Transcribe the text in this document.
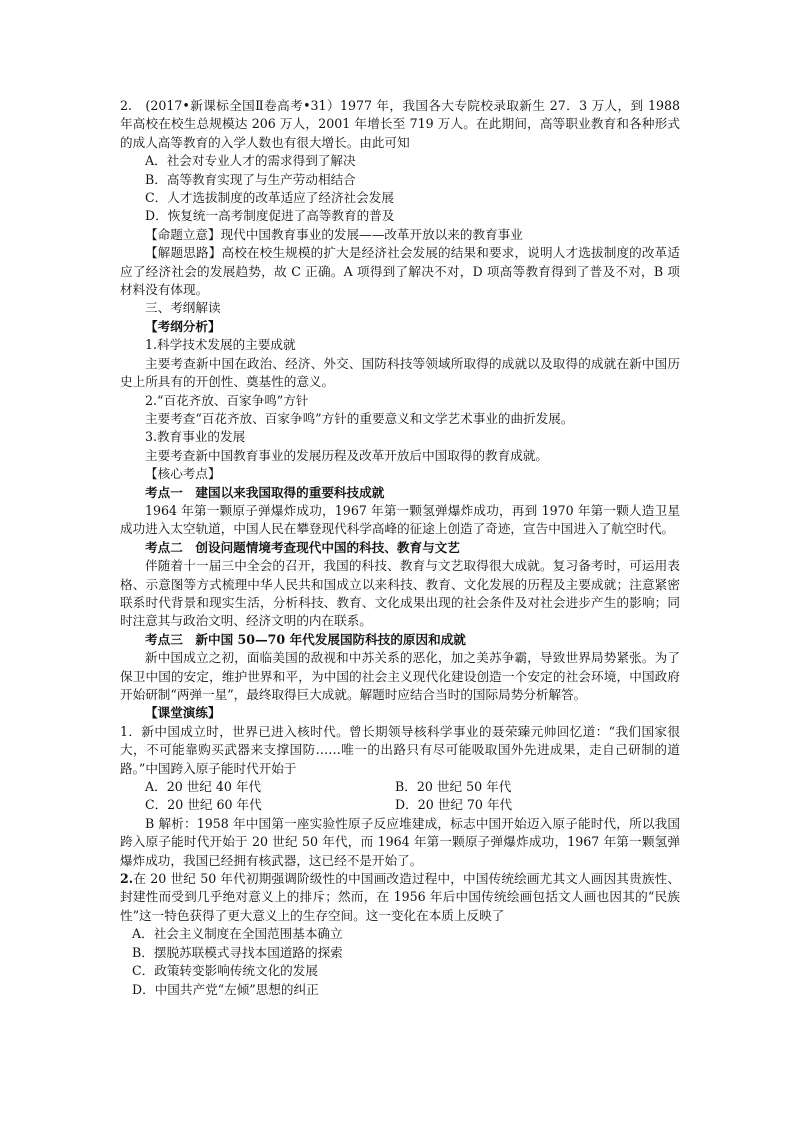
2.　(2017•新课标全国Ⅱ卷高考•31）1977 年，我国各大专院校录取新生 27．3 万人，到 1988 年高校在校生总规模达 206 万人，2001 年增长至 719 万人。在此期间，高等职业教育和各种形式的成人高等教育的入学人数也有很大增长。由此可知

A．社会对专业人才的需求得到了解决

B．高等教育实现了与生产劳动相结合

C．人才选拔制度的改革适应了经济社会发展

D．恢复统一高考制度促进了高等教育的普及

【命题立意】现代中国教育事业的发展——改革开放以来的教育事业

【解题思路】高校在校生规模的扩大是经济社会发展的结果和要求，说明人才选拔制度的改革适应了经济社会的发展趋势，故 C 正确。A 项得到了解决不对，D 项高等教育得到了普及不对，B 项材料没有体现。

三、考纲解读

【考纲分析】

1.科学技术发展的主要成就

主要考查新中国在政治、经济、外交、国防科技等领域所取得的成就以及取得的成就在新中国历史上所具有的开创性、奠基性的意义。

2.“百花齐放、百家争鸣”方针

主要考查“百花齐放、百家争鸣”方针的重要意义和文学艺术事业的曲折发展。

3.教育事业的发展

主要考查新中国教育事业的发展历程及改革开放后中国取得的教育成就。

【核心考点】

考点一　建国以来我国取得的重要科技成就

1964 年第一颗原子弹爆炸成功，1967 年第一颗氢弹爆炸成功，再到 1970 年第一颗人造卫星成功进入太空轨道，中国人民在攀登现代科学高峰的征途上创造了奇迹，宣告中国进入了航空时代。

考点二　创设问题情境考查现代中国的科技、教育与文艺

伴随着十一届三中全会的召开，我国的科技、教育与文艺取得很大成就。复习备考时，可运用表格、示意图等方式梳理中华人民共和国成立以来科技、教育、文化发展的历程及主要成就；注意紧密联系时代背景和现实生活，分析科技、教育、文化成果出现的社会条件及对社会进步产生的影响；同时注意其与政治文明、经济文明的内在联系。

考点三　新中国 50—70 年代发展国防科技的原因和成就

新中国成立之初，面临美国的敌视和中苏关系的恶化，加之美苏争霸，导致世界局势紧张。为了保卫中国的安定，维护世界和平，为中国的社会主义现代化建设创造一个安定的社会环境，中国政府开始研制“两弹一星”，最终取得巨大成就。解题时应结合当时的国际局势分析解答。

【课堂演练】

1．新中国成立时，世界已进入核时代。曾长期领导核科学事业的聂荣臻元帅回忆道：“我们国家很大，不可能靠购买武器来支撑国防……唯一的出路只有尽可能吸取国外先进成果，走自己研制的道路。”中国跨入原子能时代开始于

A．20 世纪 40 年代	B．20 世纪 50 年代
C．20 世纪 60 年代	D．20 世纪 70 年代

B 解析：1958 年中国第一座实验性原子反应堆建成，标志中国开始迈入原子能时代，所以我国跨入原子能时代开始于 20 世纪 50 年代，而 1964 年第一颗原子弹爆炸成功，1967 年第一颗氢弹爆炸成功，我国已经拥有核武器，这已经不是开始了。

2.在 20 世纪 50 年代初期强调阶级性的中国画改造过程中，中国传统绘画尤其文人画因其贵族性、封建性而受到几乎绝对意义上的排斥；然而，在 1956 年后中国传统绘画包括文人画也因其的“民族性”这一特色获得了更大意义上的生存空间。这一变化在本质上反映了

A．社会主义制度在全国范围基本确立

B．摆脱苏联模式寻找本国道路的探索

C．政策转变影响传统文化的发展

D．中国共产党“左倾”思想的纠正
